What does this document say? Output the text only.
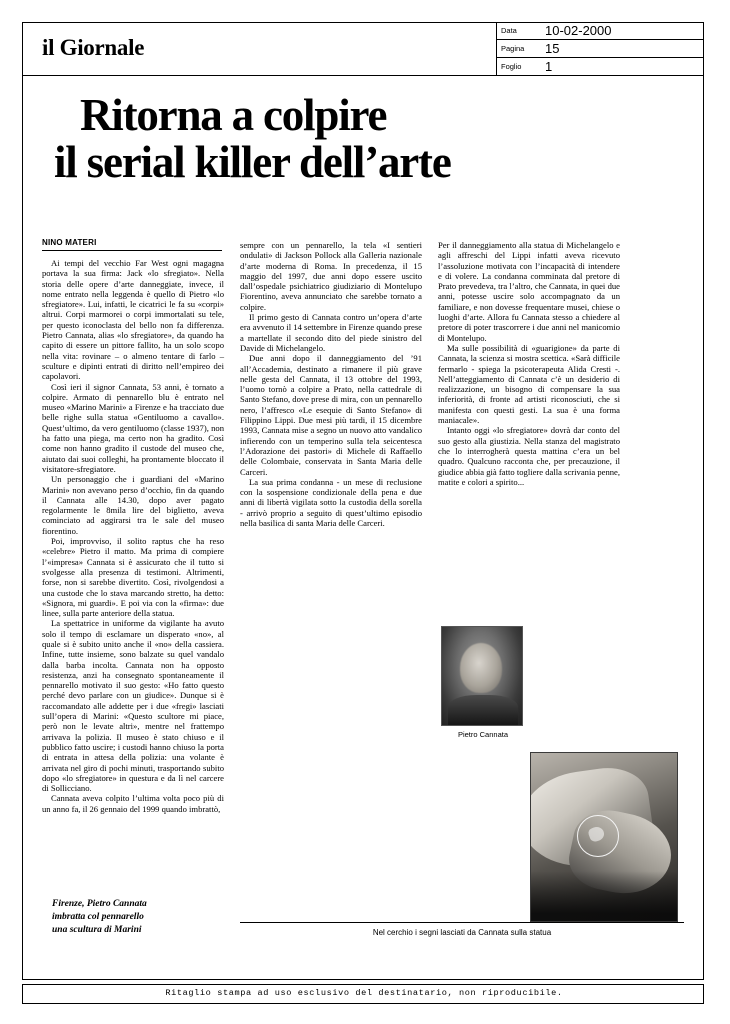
il Giornale
Data 10-02-2000
Pagina 15
Foglio 1
Ritorna a colpire
il serial killer dell’arte
NINO MATERI

Ai tempi del vecchio Far West ogni magagna portava la sua firma: Jack «lo sfregiato». Nella storia delle opere d’arte danneggiate, invece, il nome entrato nella leggenda è quello di Pietro «lo sfregiatore». Lui, infatti, le cicatrici le fa su «corpi» altrui. Corpi marmorei o corpi immortalati su tele, per questo iconoclasta del bello non fa differenza. Pietro Cannata, alias «lo sfregiatore», da quando ha capito di essere un pittore fallito, ha un solo scopo nella vita: rovinare – o almeno tentare di farlo – sculture e dipinti entrati di diritto nell’empireo dei capolavori.

Così ieri il signor Cannata, 53 anni, è tornato a colpire. Armato di pennarello blu è entrato nel museo «Marino Marini» a Firenze e ha tracciato due belle righe sulla statua «Gentiluomo a cavallo». Quest’ultimo, da vero gentiluomo (classe 1937), non ha fatto una piega, ma certo non ha gradito. Così come non hanno gradito il custode del museo che, aiutato dai suoi colleghi, ha prontamente bloccato il visitatore-sfregiatore.

Un personaggio che i guardiani del «Marino Marini» non avevano perso d’occhio, fin da quando il Cannata alle 14.30, dopo aver pagato regolarmente le 8mila lire del biglietto, aveva cominciato ad aggirarsi tra le sale del museo fiorentino.

Poi, improvviso, il solito raptus che ha reso «celebre» Pietro il matto. Ma prima di compiere l’«impresa» Cannata si è assicurato che il tutto si svolgesse alla presenza di testimoni. Altrimenti, forse, non si sarebbe divertito. Così, rivolgendosi a una custode che lo stava marcando stretto, ha detto: «Signora, mi guardi». E poi via con la «firma»: due linee, sulla parte anteriore della statua.

La spettatrice in uniforme da vigilante ha avuto solo il tempo di esclamare un disperato «no», al quale si è subito unito anche il «no» della cassiera. Infine, tutte insieme, sono balzate su quel vandalo dalla barba incolta. Cannata non ha opposto resistenza, anzi ha consegnato spontaneamente il pennarello motivato il suo gesto: «Ho fatto questo perché devo parlare con un giudice». Dunque si è raccomandato alle addette per i due «fregi» lasciati sull’opera di Marini: «Questo scultore mi piace, però non le levate altri», mentre nel frattempo arrivava la polizia. Il museo è stato chiuso e il pubblico fatto uscire; i custodi hanno chiuso la porta di entrata in attesa della polizia: una volante è arrivata nel giro di pochi minuti, trasportando subito dopo «lo sfregiatore» in questura e da lì nel carcere di Sollicciano.

Cannata aveva colpito l’ultima volta poco più di un anno fa, il 26 gennaio del 1999 quando imbrattò,

sempre con un pennarello, la tela «I sentieri ondulati» di Jackson Pollock alla Galleria nazionale d’arte moderna di Roma. In precedenza, il 15 maggio del 1997, due anni dopo essere uscito dall’ospedale psichiatrico giudiziario di Montelupo Fiorentino, aveva annunciato che sarebbe tornato a colpire.

Il primo gesto di Cannata contro un’opera d’arte era avvenuto il 14 settembre in Firenze quando prese a martellate il secondo dito del piede sinistro del Davide di Michelangelo.

Due anni dopo il danneggiamento del ’91 all’Accademia, destinato a rimanere il più grave nelle gesta del Cannata, il 13 ottobre del 1993, l’uomo tornò a colpire a Prato, nella cattedrale di Santo Stefano, dove prese di mira, con un pennarello nero, l’affresco «Le esequie di Santo Stefano» di Filippino Lippi. Due mesi più tardi, il 15 dicembre 1993, Cannata mise a segno un nuovo atto vandalico infierendo con un temperino sulla tela seicentesca l’Adorazione dei pastori» di Michele di Raffaello delle Colombaie, conservata in Santa Maria delle Carceri.

La sua prima condanna - un mese di reclusione con la sospensione condizionale della pena e due anni di libertà vigilata sotto la custodia della sorella - arrivò proprio a seguito di quest’ultimo episodio nella basilica di santa Maria delle Carceri.

Per il danneggiamento alla statua di Michelangelo e agli affreschi del Lippi infatti aveva ricevuto l’assoluzione motivata con l’incapacità di intendere e di volere. La condanna comminata dal pretore di Prato prevedeva, tra l’altro, che Cannata, in quei due anni, potesse uscire solo accompagnato da un familiare, e non dovesse frequentare musei, chiese o luoghi d’arte. Allora fu Cannata stesso a chiedere al pretore di poter trascorrere i due anni nel manicomio di Montelupo.

Ma sulle possibilità di «guarigione» da parte di Cannata, la scienza si mostra scettica. «Sarà difficile fermarlo - spiega la psicoterapeuta Alida Cresti -. Nell’atteggiamento di Cannata c’è un desiderio di realizzazione, un bisogno di compensare la sua inferiorità, di fronte ad artisti riconosciuti, che si manifesta con questi gesti. La sua è una forma maniacale».

Intanto oggi «lo sfregiatore» dovrà dar conto del suo gesto alla giustizia. Nella stanza del magistrato che lo interrogherà questa mattina c’era un bel quadro. Qualcuno racconta che, per precauzione, il giudice abbia già fatto togliere dalla scrivania penne, matite e colori a spirito...

Pietro Cannata
Firenze, Pietro Cannata
imbratta col pennarello
una scultura di Marini	Nel cerchio i segni lasciati da Cannata sulla statua
Ritaglio stampa ad uso esclusivo del destinatario, non riproducibile.
